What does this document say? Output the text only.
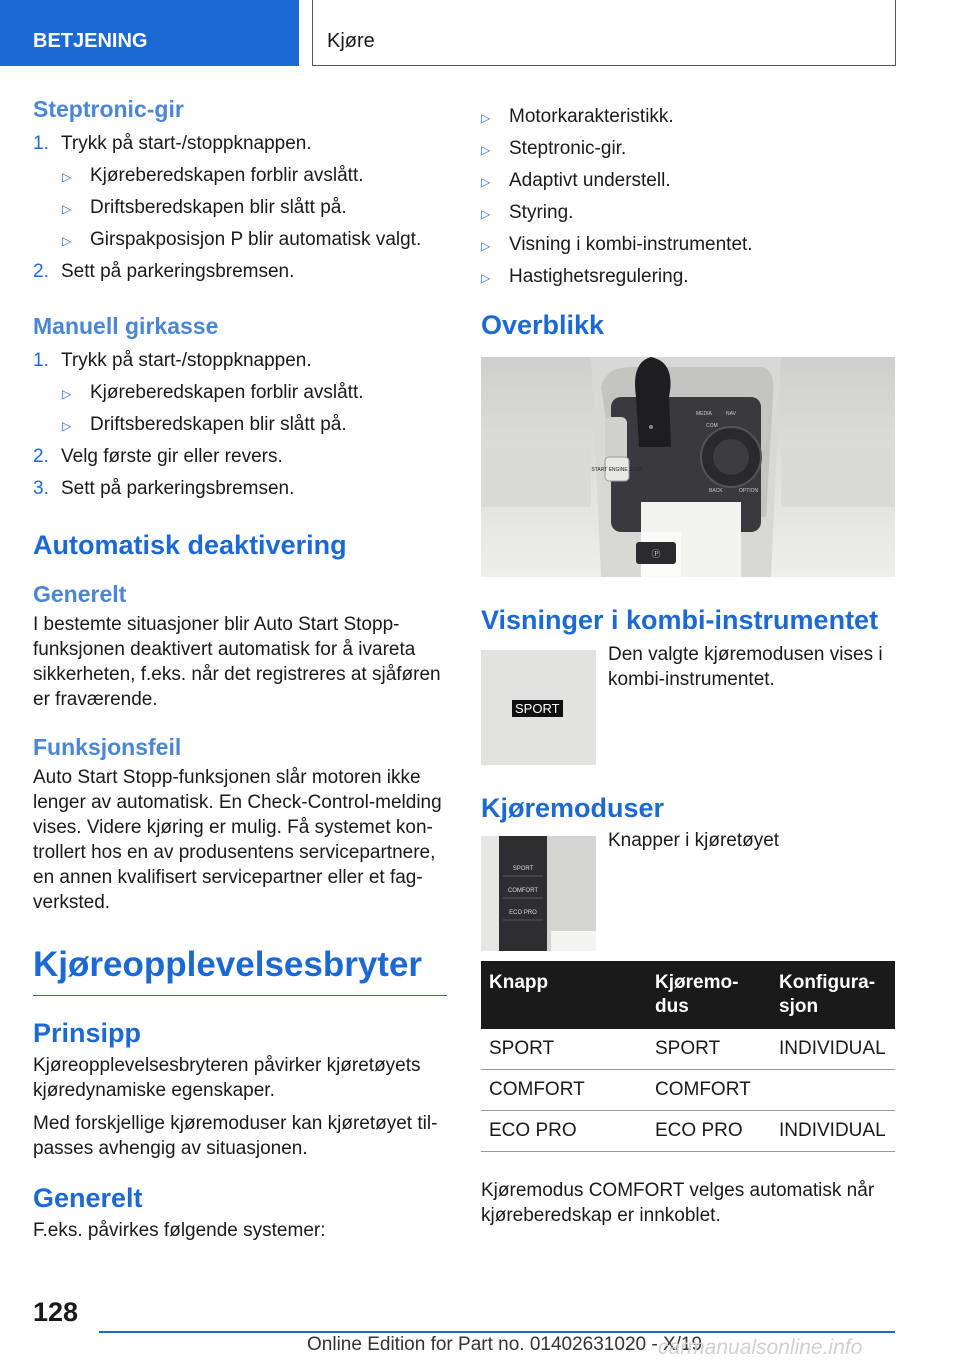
BETJENING	Kjøre
Steptronic-gir
1. Trykk på start-/stoppknappen.
▷ Kjøreberedskapen forblir avslått.
▷ Driftsberedskapen blir slått på.
▷ Girspakposisjon P blir automatisk valgt.
2. Sett på parkeringsbremsen.
Manuell girkasse
1. Trykk på start-/stoppknappen.
▷ Kjøreberedskapen forblir avslått.
▷ Driftsberedskapen blir slått på.
2. Velg første gir eller revers.
3. Sett på parkeringsbremsen.
Automatisk deaktivering
Generelt

I bestemte situasjoner blir Auto Start Stopp-funksjonen deaktivert automatisk for å ivareta sikkerheten, f.eks. når det registreres at sjåføren er fraværende.

Funksjonsfeil

Auto Start Stopp-funksjonen slår motoren ikke lenger av automatisk. En Check-Control-melding vises. Videre kjøring er mulig. Få systemet kon-trollert hos en av produsentens servicepartnere, en annen kvalifisert servicepartner eller et fag-verksted.

Kjøreopplevelsesbryter
Prinsipp

Kjøreopplevelsesbryteren påvirker kjøretøyets kjøredynamiske egenskaper.

Med forskjellige kjøremoduser kan kjøretøyet til-passes avhengig av situasjonen.

Generelt

F.eks. påvirkes følgende systemer:

▷ Motorkarakteristikk.
▷ Steptronic-gir.
▷ Adaptivt understell.
▷ Styring.
▷ Visning i kombi-instrumentet.
▷ Hastighetsregulering.
Overblikk
START ENGINE STOP
MEDIA	NAV
COM
BACK	OPTION
Ⓟ
Visninger i kombi-instrumentet
SPORT

Den valgte kjøremodusen vises i kombi-instrumentet.

Kjøremoduser
SPORT
COMFORT
ECO PRO

Knapper i kjøretøyet

Knapp	Kjøremo-dus	Konfigura-sjon
SPORT	SPORT	INDIVIDUAL
COMFORT	COMFORT	
ECO PRO	ECO PRO	INDIVIDUAL

Kjøremodus COMFORT velges automatisk når kjøreberedskap er innkoblet.

128
Online Edition for Part no. 01402631020 - X/19
carmanualsonline.info
